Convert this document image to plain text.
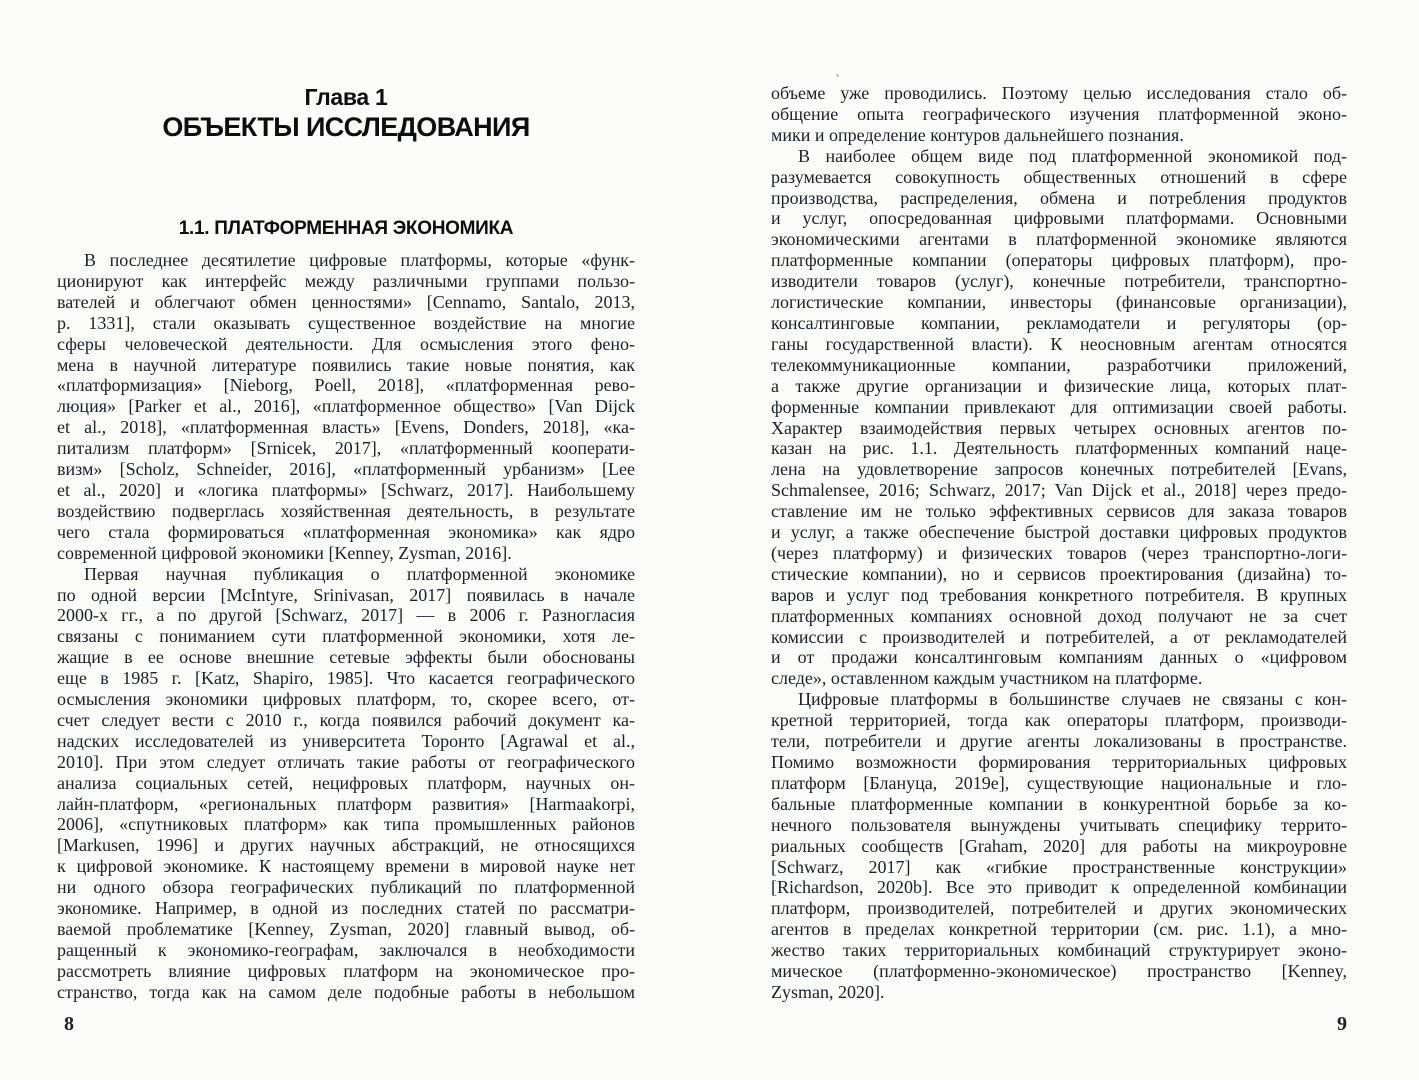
Глава 1
ОБЪЕКТЫ ИССЛЕДОВАНИЯ
1.1. ПЛАТФОРМЕННАЯ ЭКОНОМИКА
В последнее десятилетие цифровые платформы, которые «функ-
ционируют как интерфейс между различными группами пользо-
вателей и облегчают обмен ценностями» [Cennamo, Santalo, 2013,
p. 1331], стали оказывать существенное воздействие на многие
сферы человеческой деятельности. Для осмысления этого фено-
мена в научной литературе появились такие новые понятия, как
«платформизация» [Nieborg, Poell, 2018], «платформенная рево-
люция» [Parker et al., 2016], «платформенное общество» [Van Dijck
et al., 2018], «платформенная власть» [Evens, Donders, 2018], «ка-
питализм платформ» [Srnicek, 2017], «платформенный кооперати-
визм» [Scholz, Schneider, 2016], «платформенный урбанизм» [Lee
et al., 2020] и «логика платформы» [Schwarz, 2017]. Наибольшему
воздействию подверглась хозяйственная деятельность, в результате
чего стала формироваться «платформенная экономика» как ядро
современной цифровой экономики [Kenney, Zysman, 2016].
Первая научная публикация о платформенной экономике
по одной версии [McIntyre, Srinivasan, 2017] появилась в начале
2000-х гг., а по другой [Schwarz, 2017] — в 2006 г. Разногласия
связаны с пониманием сути платформенной экономики, хотя ле-
жащие в ее основе внешние сетевые эффекты были обоснованы
еще в 1985 г. [Katz, Shapiro, 1985]. Что касается географического
осмысления экономики цифровых платформ, то, скорее всего, от-
счет следует вести с 2010 г., когда появился рабочий документ ка-
надских исследователей из университета Торонто [Agrawal et al.,
2010]. При этом следует отличать такие работы от географического
анализа социальных сетей, нецифровых платформ, научных он-
лайн-платформ, «региональных платформ развития» [Harmaakorpi,
2006], «спутниковых платформ» как типа промышленных районов
[Markusen, 1996] и других научных абстракций, не относящихся
к цифровой экономике. К настоящему времени в мировой науке нет
ни одного обзора географических публикаций по платформенной
экономике. Например, в одной из последних статей по рассматри-
ваемой проблематике [Kenney, Zysman, 2020] главный вывод, об-
ращенный к экономико-географам, заключался в необходимости
рассмотреть влияние цифровых платформ на экономическое про-
странство, тогда как на самом деле подобные работы в небольшом
8
объеме уже проводились. Поэтому целью исследования стало об-
общение опыта географического изучения платформенной эконо-
мики и определение контуров дальнейшего познания.
В наиболее общем виде под платформенной экономикой под-
разумевается совокупность общественных отношений в сфере
производства, распределения, обмена и потребления продуктов
и услуг, опосредованная цифровыми платформами. Основными
экономическими агентами в платформенной экономике являются
платформенные компании (операторы цифровых платформ), про-
изводители товаров (услуг), конечные потребители, транспортно-
логистические компании, инвесторы (финансовые организации),
консалтинговые компании, рекламодатели и регуляторы (ор-
ганы государственной власти). К неосновным агентам относятся
телекоммуникационные компании, разработчики приложений,
а также другие организации и физические лица, которых плат-
форменные компании привлекают для оптимизации своей работы.
Характер взаимодействия первых четырех основных агентов по-
казан на рис. 1.1. Деятельность платформенных компаний наце-
лена на удовлетворение запросов конечных потребителей [Evans,
Schmalensee, 2016; Schwarz, 2017; Van Dijck et al., 2018] через предо-
ставление им не только эффективных сервисов для заказа товаров
и услуг, а также обеспечение быстрой доставки цифровых продуктов
(через платформу) и физических товаров (через транспортно-логи-
стические компании), но и сервисов проектирования (дизайна) то-
варов и услуг под требования конкретного потребителя. В крупных
платформенных компаниях основной доход получают не за счет
комиссии с производителей и потребителей, а от рекламодателей
и от продажи консалтинговым компаниям данных о «цифровом
следе», оставленном каждым участником на платформе.
Цифровые платформы в большинстве случаев не связаны с кон-
кретной территорией, тогда как операторы платформ, производи-
тели, потребители и другие агенты локализованы в пространстве.
Помимо возможности формирования территориальных цифровых
платформ [Блануца, 2019е], существующие национальные и гло-
бальные платформенные компании в конкурентной борьбе за ко-
нечного пользователя вынуждены учитывать специфику террито-
риальных сообществ [Graham, 2020] для работы на микроуровне
[Schwarz, 2017] как «гибкие пространственные конструкции»
[Richardson, 2020b]. Все это приводит к определенной комбинации
платформ, производителей, потребителей и других экономических
агентов в пределах конкретной территории (см. рис. 1.1), а мно-
жество таких территориальных комбинаций структурирует эконо-
мическое (платформенно-экономическое) пространство [Kenney,
Zysman, 2020].
9
